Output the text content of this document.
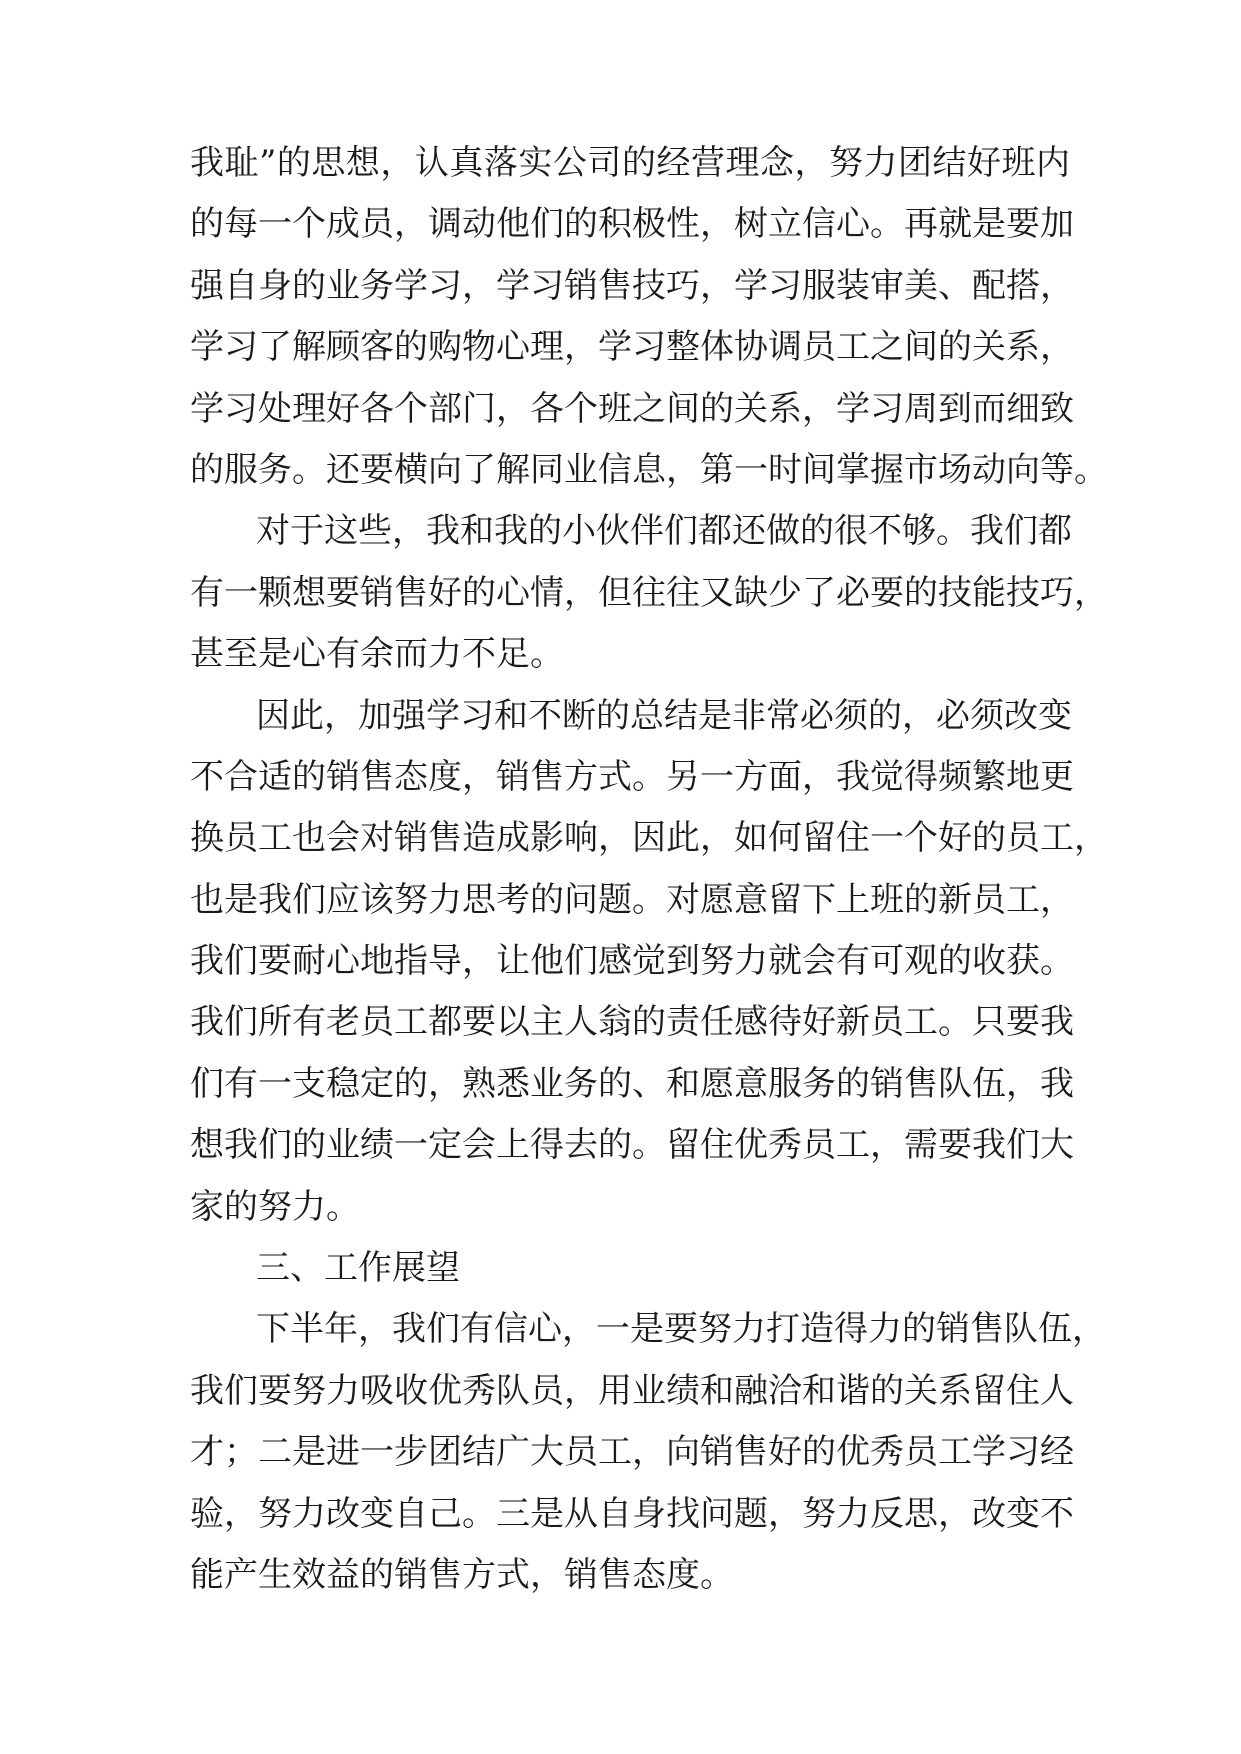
我耻”的思想，认真落实公司的经营理念，努力团结好班内
的每一个成员，调动他们的积极性，树立信心。再就是要加
强自身的业务学习，学习销售技巧，学习服装审美、配搭，
学习了解顾客的购物心理，学习整体协调员工之间的关系，
学习处理好各个部门，各个班之间的关系，学习周到而细致
的服务。还要横向了解同业信息，第一时间掌握市场动向等。
对于这些，我和我的小伙伴们都还做的很不够。我们都
有一颗想要销售好的心情，但往往又缺少了必要的技能技巧，
甚至是心有余而力不足。
因此，加强学习和不断的总结是非常必须的，必须改变
不合适的销售态度，销售方式。另一方面，我觉得频繁地更
换员工也会对销售造成影响，因此，如何留住一个好的员工，
也是我们应该努力思考的问题。对愿意留下上班的新员工，
我们要耐心地指导，让他们感觉到努力就会有可观的收获。
我们所有老员工都要以主人翁的责任感待好新员工。只要我
们有一支稳定的，熟悉业务的、和愿意服务的销售队伍，我
想我们的业绩一定会上得去的。留住优秀员工，需要我们大
家的努力。
三、工作展望
下半年，我们有信心，一是要努力打造得力的销售队伍，
我们要努力吸收优秀队员，用业绩和融洽和谐的关系留住人
才；二是进一步团结广大员工，向销售好的优秀员工学习经
验，努力改变自己。三是从自身找问题，努力反思，改变不
能产生效益的销售方式，销售态度。
